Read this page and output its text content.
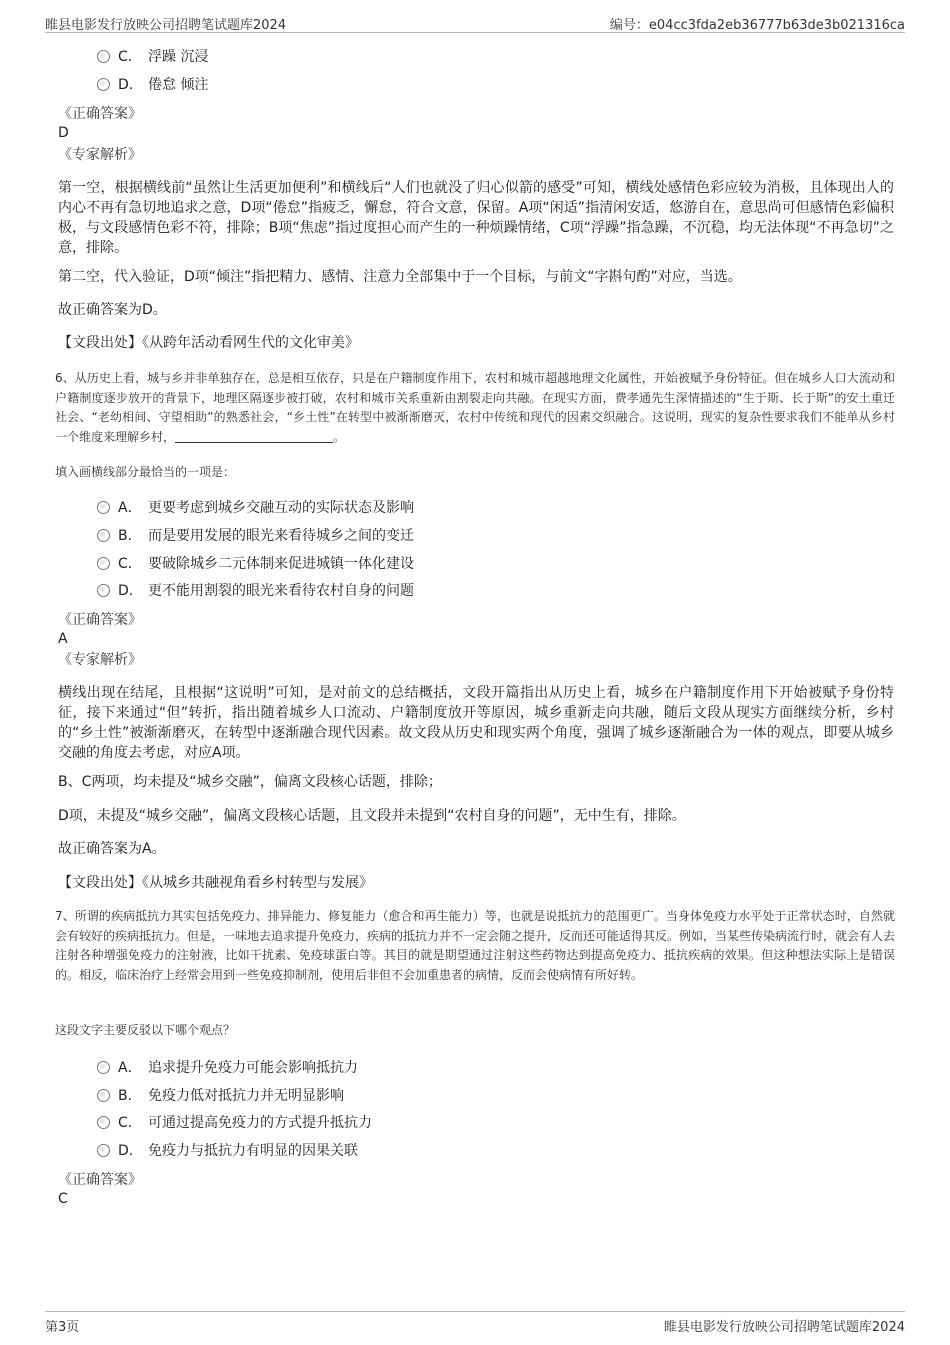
睢县电影发行放映公司招聘笔试题库2024	编号：e04cc3fda2eb36777b63de3b021316ca
C． 浮躁 沉浸
D． 倦怠 倾注
《正确答案》
D
《专家解析》
第一空，根据横线前“虽然让生活更加便利”和横线后“人们也就没了归心似箭的感受”可知，横线处感情色彩应较为消极，且体现出人的内心不再有急切地追求之意，D项“倦怠”指疲乏，懈怠，符合文意，保留。A项“闲适”指清闲安适，悠游自在，意思尚可但感情色彩偏积极，与文段感情色彩不符，排除；B项“焦虑”指过度担心而产生的一种烦躁情绪，C项“浮躁”指急躁，不沉稳，均无法体现“不再急切”之意，排除。
第二空，代入验证，D项“倾注”指把精力、感情、注意力全部集中于一个目标，与前文“字斟句酌”对应，当选。
故正确答案为D。
【文段出处】《从跨年活动看网生代的文化审美》
6、从历史上看，城与乡并非单独存在，总是相互依存，只是在户籍制度作用下，农村和城市超越地理文化属性，开始被赋予身份特征。但在城乡人口大流动和户籍制度逐步放开的背景下，地理区隔逐步被打破，农村和城市关系重新由割裂走向共融。在现实方面，费孝通先生深情描述的“生于斯、长于斯”的安土重迁社会、“老幼相间、守望相助”的熟悉社会，“乡土性”在转型中被渐渐磨灭，农村中传统和现代的因素交织融合。这说明，现实的复杂性要求我们不能单从乡村一个维度来理解乡村，	。
填入画横线部分最恰当的一项是：
A． 更要考虑到城乡交融互动的实际状态及影响
B． 而是要用发展的眼光来看待城乡之间的变迁
C． 要破除城乡二元体制来促进城镇一体化建设
D． 更不能用割裂的眼光来看待农村自身的问题
《正确答案》
A
《专家解析》
横线出现在结尾，且根据“这说明”可知，是对前文的总结概括，文段开篇指出从历史上看，城乡在户籍制度作用下开始被赋予身份特征，接下来通过“但”转折，指出随着城乡人口流动、户籍制度放开等原因，城乡重新走向共融，随后文段从现实方面继续分析，乡村的“乡土性”被渐渐磨灭，在转型中逐渐融合现代因素。故文段从历史和现实两个角度，强调了城乡逐渐融合为一体的观点，即要从城乡交融的角度去考虑，对应A项。
B、C两项，均未提及“城乡交融”，偏离文段核心话题，排除；
D项，未提及“城乡交融”，偏离文段核心话题，且文段并未提到“农村自身的问题”，无中生有，排除。
故正确答案为A。
【文段出处】《从城乡共融视角看乡村转型与发展》
7、所谓的疾病抵抗力其实包括免疫力、排异能力、修复能力（愈合和再生能力）等，也就是说抵抗力的范围更广。当身体免疫力水平处于正常状态时，自然就会有较好的疾病抵抗力。但是，一味地去追求提升免疫力，疾病的抵抗力并不一定会随之提升，反而还可能适得其反。例如，当某些传染病流行时，就会有人去注射各种增强免疫力的注射液，比如干扰素、免疫球蛋白等。其目的就是期望通过注射这些药物达到提高免疫力、抵抗疾病的效果。但这种想法实际上是错误的。相反，临床治疗上经常会用到一些免疫抑制剂，使用后非但不会加重患者的病情，反而会使病情有所好转。
这段文字主要反驳以下哪个观点？
A． 追求提升免疫力可能会影响抵抗力
B． 免疫力低对抵抗力并无明显影响
C． 可通过提高免疫力的方式提升抵抗力
D． 免疫力与抵抗力有明显的因果关联
《正确答案》
C
第3页	睢县电影发行放映公司招聘笔试题库2024
